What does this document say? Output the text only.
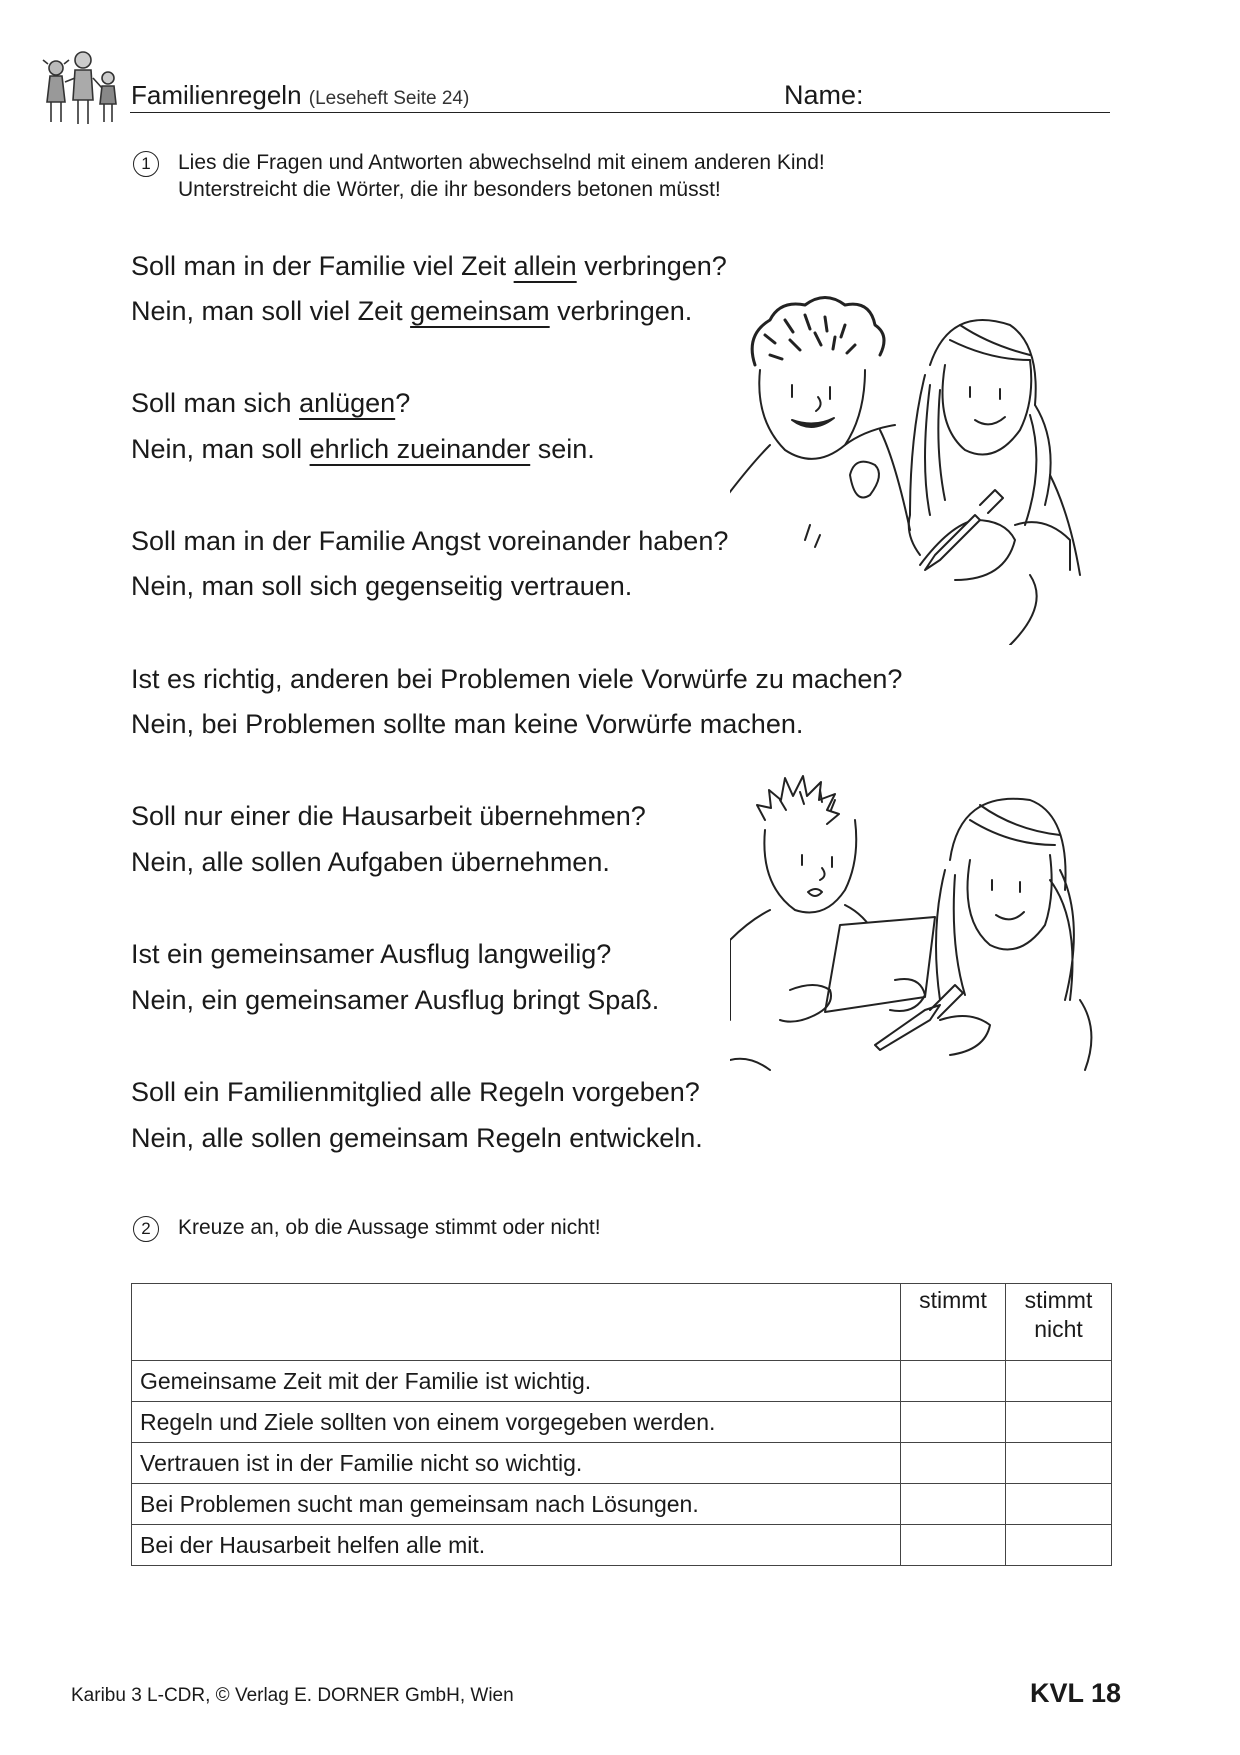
Familienregeln (Leseheft Seite 24)	Name:
1	Lies die Fragen und Antworten abwechselnd mit einem anderen Kind!
Unterstreicht die Wörter, die ihr besonders betonen müsst!
Soll man in der Familie viel Zeit allein verbringen?
Nein, man soll viel Zeit gemeinsam verbringen.
Soll man sich anlügen?
Nein, man soll ehrlich zueinander sein.
Soll man in der Familie Angst voreinander haben?
Nein, man soll sich gegenseitig vertrauen.
Ist es richtig, anderen bei Problemen viele Vorwürfe zu machen?
Nein, bei Problemen sollte man keine Vorwürfe machen.
Soll nur einer die Hausarbeit übernehmen?
Nein, alle sollen Aufgaben übernehmen.
Ist ein gemeinsamer Ausflug langweilig?
Nein, ein gemeinsamer Ausflug bringt Spaß.
Soll ein Familienmitglied alle Regeln vorgeben?
Nein, alle sollen gemeinsam Regeln entwickeln.
2	Kreuze an, ob die Aussage stimmt oder nicht!
	stimmt	stimmt
nicht

Gemeinsame Zeit mit der Familie ist wichtig.		
Regeln und Ziele sollten von einem vorgegeben werden.		
Vertrauen ist in der Familie nicht so wichtig.		
Bei Problemen sucht man gemeinsam nach Lösungen.		
Bei der Hausarbeit helfen alle mit.		
Karibu 3 L-CDR, © Verlag E. DORNER GmbH, Wien	KVL 18
